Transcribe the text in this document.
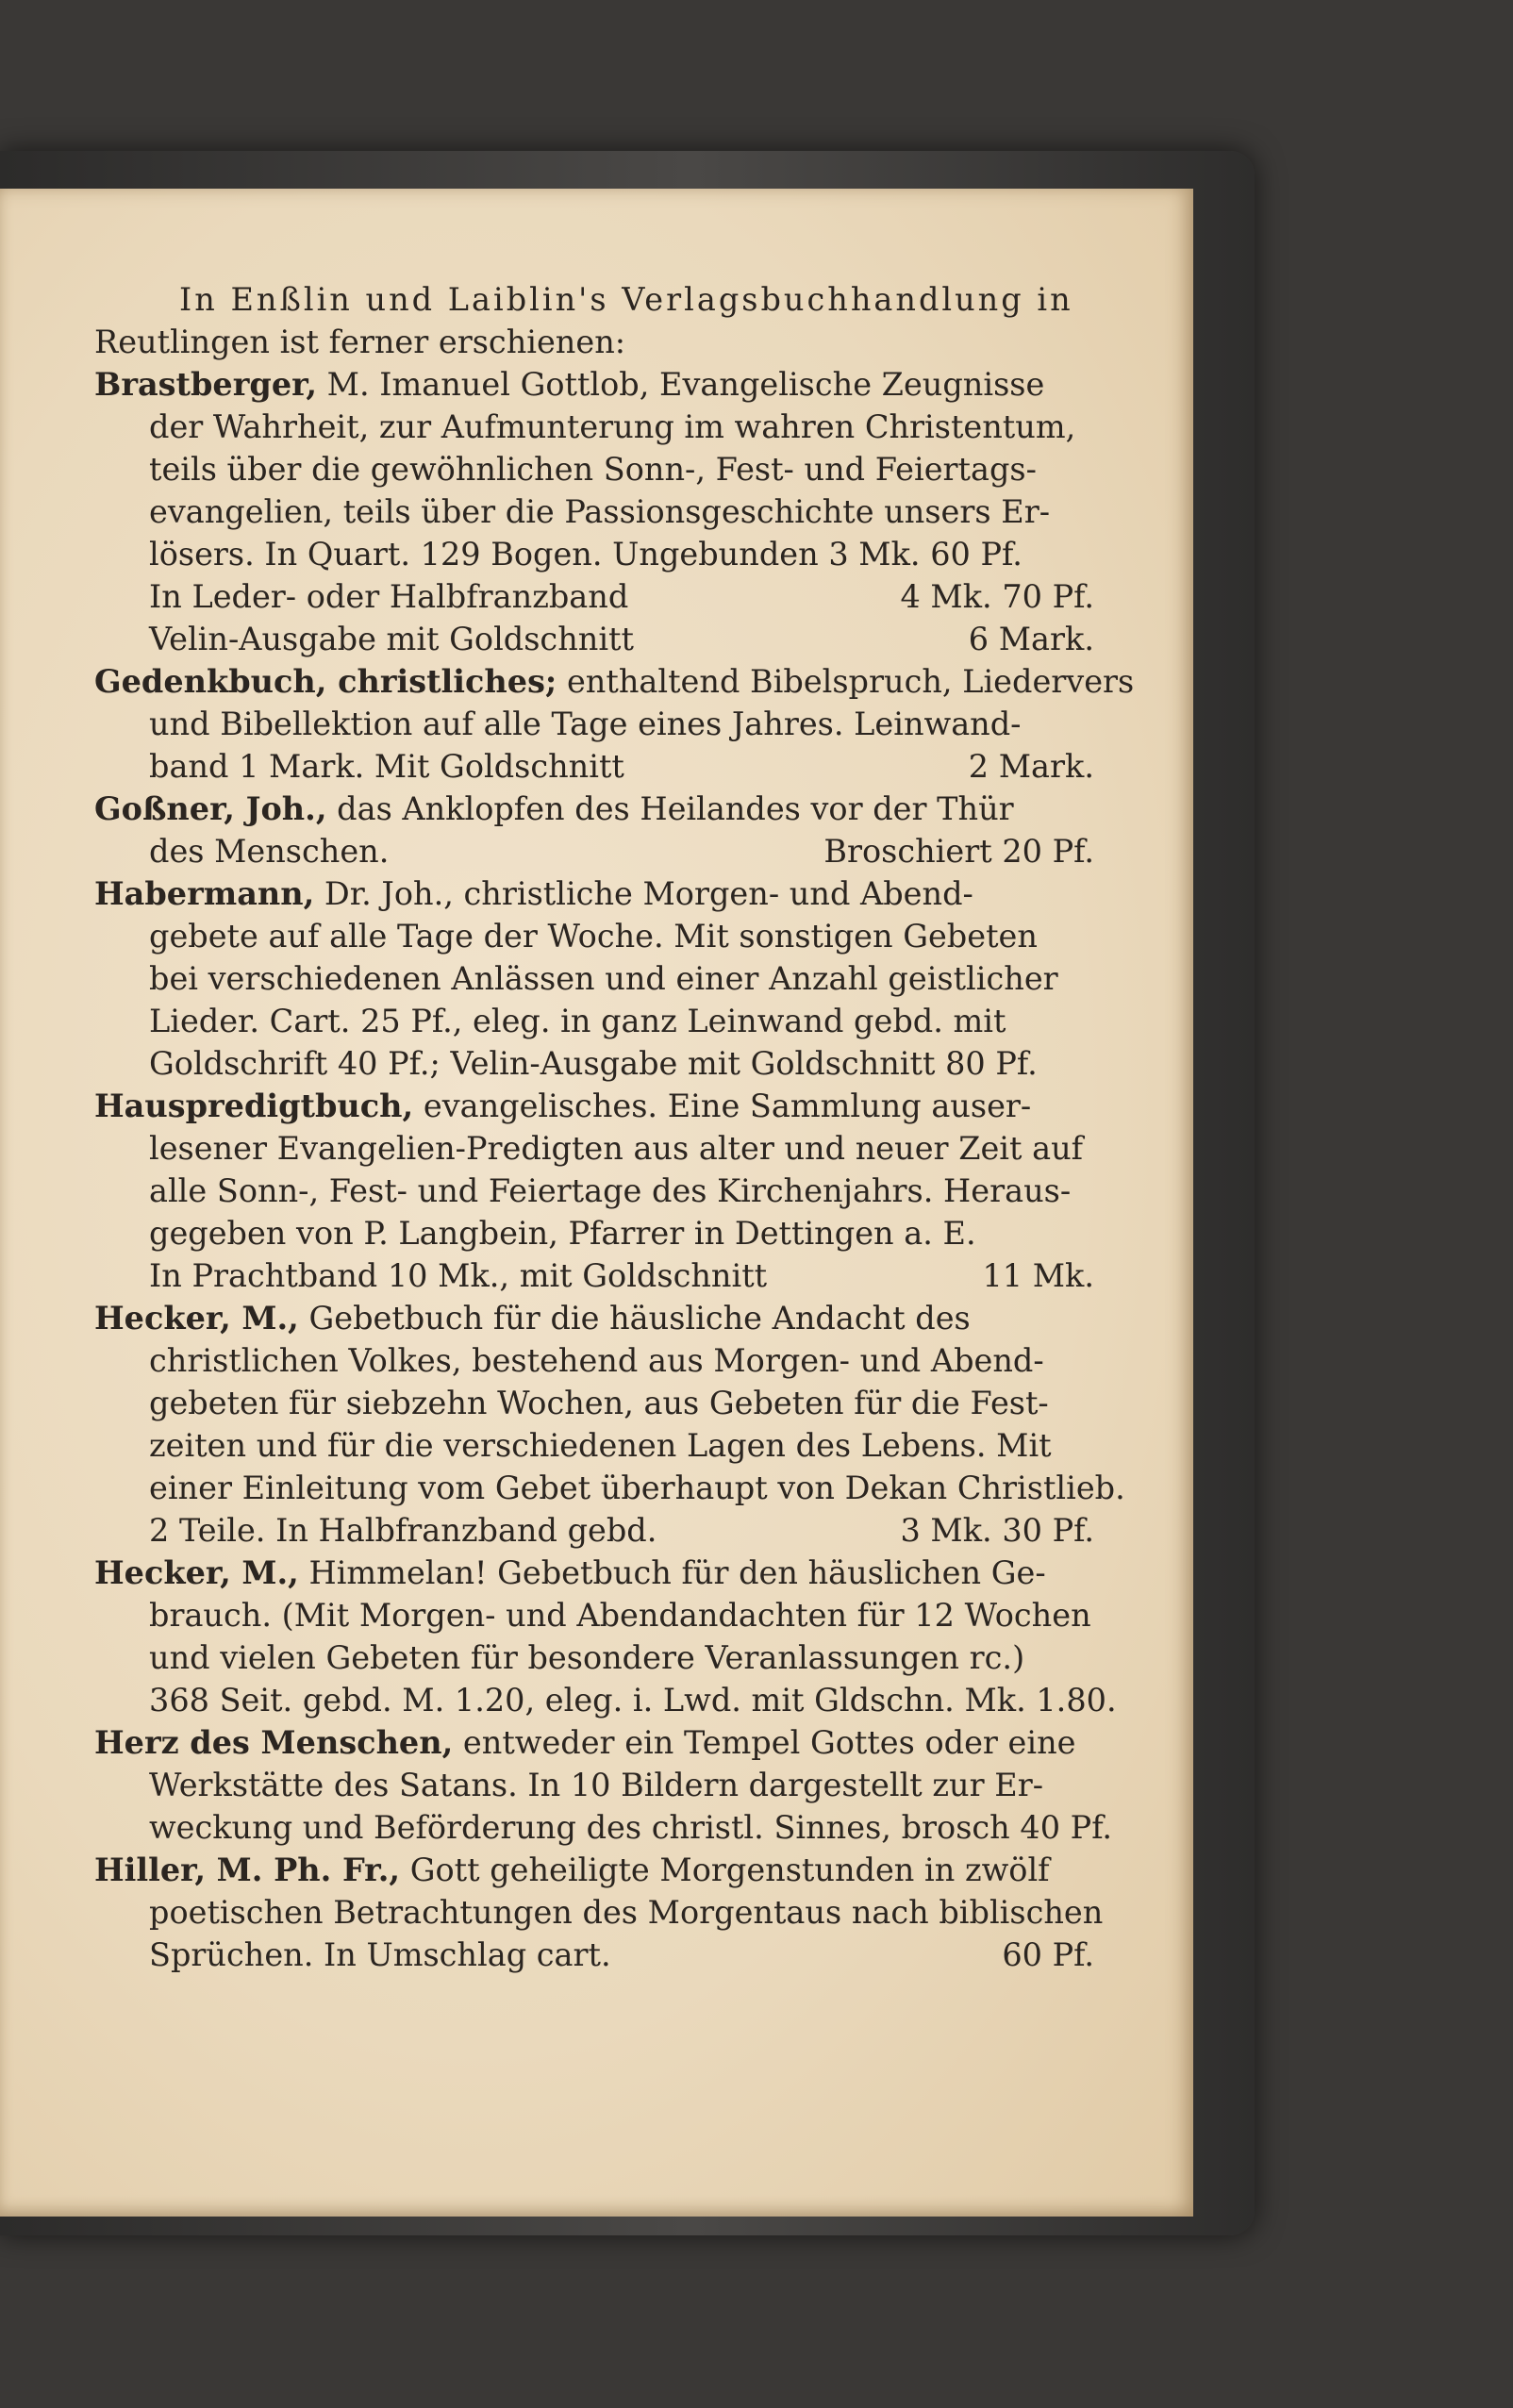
In Enßlin und Laiblin's Verlagsbuchhandlung in
Reutlingen ist ferner erschienen:
Brastberger, M. Imanuel Gottlob, Evangelische Zeugnisse
der Wahrheit, zur Aufmunterung im wahren Christentum,
teils über die gewöhnlichen Sonn-, Fest- und Feiertags-
evangelien, teils über die Passionsgeschichte unsers Er-
lösers. In Quart. 129 Bogen. Ungebunden 3 Mk. 60 Pf.
In Leder- oder Halbfranzband	4 Mk. 70 Pf.
Velin-Ausgabe mit Goldschnitt	6 Mark.
Gedenkbuch, christliches; enthaltend Bibelspruch, Liedervers
und Bibellektion auf alle Tage eines Jahres. Leinwand-
band 1 Mark. Mit Goldschnitt	2 Mark.
Goßner, Joh., das Anklopfen des Heilandes vor der Thür
des Menschen.	Broschiert 20 Pf.
Habermann, Dr. Joh., christliche Morgen- und Abend-
gebete auf alle Tage der Woche. Mit sonstigen Gebeten
bei verschiedenen Anlässen und einer Anzahl geistlicher
Lieder. Cart. 25 Pf., eleg. in ganz Leinwand gebd. mit
Goldschrift 40 Pf.; Velin-Ausgabe mit Goldschnitt 80 Pf.
Hauspredigtbuch, evangelisches. Eine Sammlung auser-
lesener Evangelien-Predigten aus alter und neuer Zeit auf
alle Sonn-, Fest- und Feiertage des Kirchenjahrs. Heraus-
gegeben von P. Langbein, Pfarrer in Dettingen a. E.
In Prachtband 10 Mk., mit Goldschnitt	11 Mk.
Hecker, M., Gebetbuch für die häusliche Andacht des
christlichen Volkes, bestehend aus Morgen- und Abend-
gebeten für siebzehn Wochen, aus Gebeten für die Fest-
zeiten und für die verschiedenen Lagen des Lebens. Mit
einer Einleitung vom Gebet überhaupt von Dekan Christlieb.
2 Teile. In Halbfranzband gebd.	3 Mk. 30 Pf.
Hecker, M., Himmelan! Gebetbuch für den häuslichen Ge-
brauch. (Mit Morgen- und Abendandachten für 12 Wochen
und vielen Gebeten für besondere Veranlassungen rc.)
368 Seit. gebd. M. 1.20, eleg. i. Lwd. mit Gldschn. Mk. 1.80.
Herz des Menschen, entweder ein Tempel Gottes oder eine
Werkstätte des Satans. In 10 Bildern dargestellt zur Er-
weckung und Beförderung des christl. Sinnes, brosch 40 Pf.
Hiller, M. Ph. Fr., Gott geheiligte Morgenstunden in zwölf
poetischen Betrachtungen des Morgentaus nach biblischen
Sprüchen. In Umschlag cart.	60 Pf.
